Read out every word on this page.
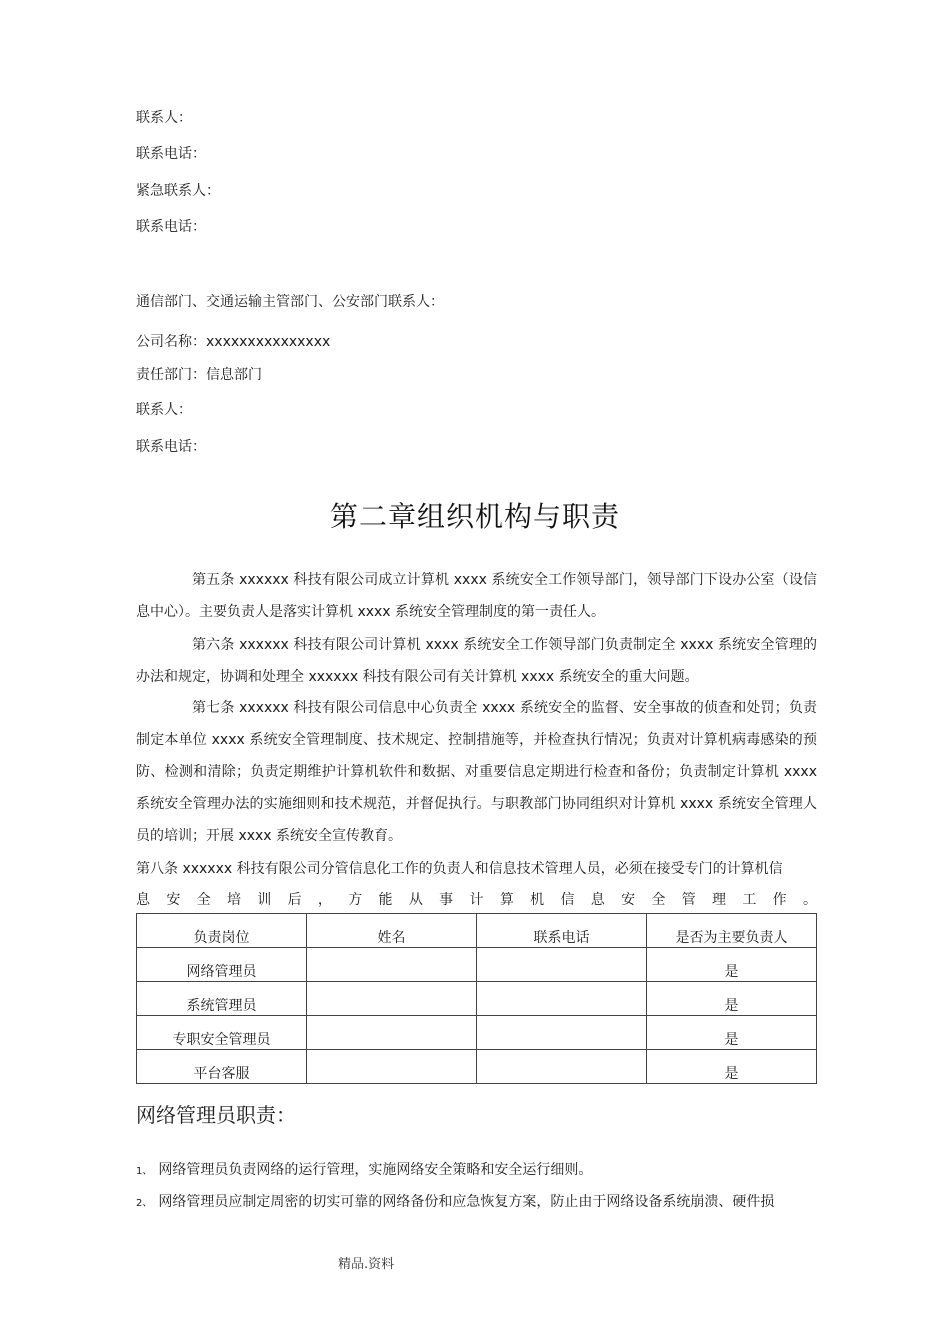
联系人：
联系电话：
紧急联系人：
联系电话：
通信部门、交通运输主管部门、公安部门联系人：
公司名称：xxxxxxxxxxxxxxx
责任部门：信息部门
联系人：
联系电话：
第二章组织机构与职责

第五条 xxxxxx 科技有限公司成立计算机 xxxx 系统安全工作领导部门，领导部门下设办公室（设信息中心）。主要负责人是落实计算机 xxxx 系统安全管理制度的第一责任人。

第六条 xxxxxx 科技有限公司计算机 xxxx 系统安全工作领导部门负责制定全 xxxx 系统安全管理的办法和规定，协调和处理全 xxxxxx 科技有限公司有关计算机 xxxx 系统安全的重大问题。

第七条 xxxxxx 科技有限公司信息中心负责全 xxxx 系统安全的监督、安全事故的侦查和处罚；负责制定本单位 xxxx 系统安全管理制度、技术规定、控制措施等，并检查执行情况；负责对计算机病毒感染的预防、检测和清除；负责定期维护计算机软件和数据、对重要信息定期进行检查和备份；负责制定计算机 xxxx 系统安全管理办法的实施细则和技术规范，并督促执行。与职教部门协同组织对计算机 xxxx 系统安全管理人员的培训；开展 xxxx 系统安全宣传教育。

第八条 xxxxxx 科技有限公司分管信息化工作的负责人和信息技术管理人员，必须在接受专门的计算机信

息安全培训后，方能从事计算机信息安全管理工作。

负责岗位	姓名	联系电话	是否为主要负责人
网络管理员			是
系统管理员			是
专职安全管理员			是
平台客服			是
网络管理员职责：
1、 网络管理员负责网络的运行管理，实施网络安全策略和安全运行细则。
2、 网络管理员应制定周密的切实可靠的网络备份和应急恢复方案，防止由于网络设备系统崩溃、硬件损
精品.资料
